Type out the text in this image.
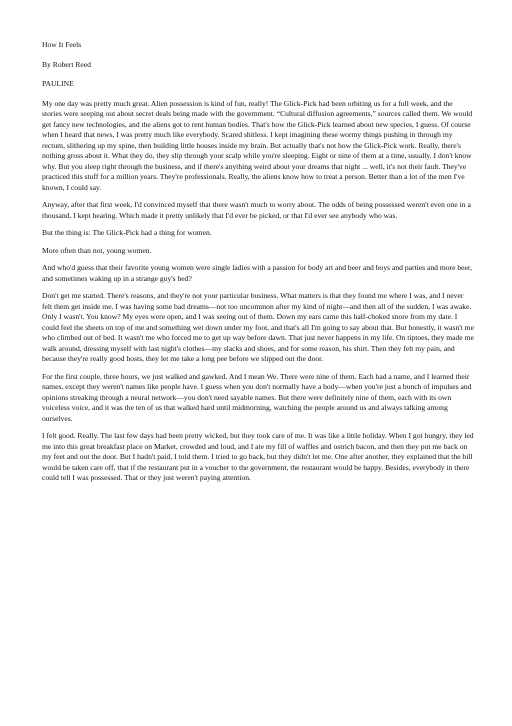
How It Feels

By Robert Reed

PAULINE

My one day was pretty much great. Alien possession is kind of fun, really! The Glick-Pick had been orbiting us for a full week, and the stories were seeping out about secret deals being made with the government. “Cultural diffusion agreements,” sources called them. We would get fancy new technologies, and the aliens got to rent human bodies. That's how the Glick-Pick learned about new species, I guess. Of course when I heard that news, I was pretty much like everybody. Scared shitless. I kept imagining these wormy things pushing in through my rectum, slithering up my spine, then building little houses inside my brain. But actually that's not how the Glick-Pick work. Really, there's nothing gross about it. What they do, they slip through your scalp while you're sleeping. Eight or nine of them at a time, usually. I don't know why. But you sleep right through the business, and if there's anything weird about your dreams that night ... well, it's not their fault. They've practiced this stuff for a million years. They're professionals. Really, the aliens know how to treat a person. Better than a lot of the men I've known, I could say.

Anyway, after that first week, I'd convinced myself that there wasn't much to worry about. The odds of being possessed weren't even one in a thousand, I kept hearing. Which made it pretty unlikely that I'd ever be picked, or that I'd ever see anybody who was.

But the thing is: The Glick-Pick had a thing for women.

More often than not, young women.

And who'd guess that their favorite young women were single ladies with a passion for body art and beer and boys and parties and more beer, and sometimes waking up in a strange guy's bed?

Don't get me started. There's reasons, and they're not your particular business. What matters is that they found me where I was, and I never felt them get inside me. I was having some bad dreams—not too uncommon after my kind of night—and then all of the sudden, I was awake. Only I wasn't. You know? My eyes were open, and I was seeing out of them. Down my ears came this half-choked snore from my date. I could feel the sheets on top of me and something wet down under my foot, and that's all I'm going to say about that. But honestly, it wasn't me who climbed out of bed. It wasn't me who forced me to get up way before dawn. That just never happens in my life. On tiptoes, they made me walk around, dressing myself with last night's clothes—my slacks and shoes, and for some reason, his shirt. Then they felt my pain, and because they're really good hosts, they let me take a long pee before we slipped out the door.

For the first couple, three hours, we just walked and gawked. And I mean We. There were nine of them. Each had a name, and I learned their names, except they weren't names like people have. I guess when you don't normally have a body—when you're just a bunch of impulses and opinions streaking through a neural network—you don't need sayable names. But there were definitely nine of them, each with its own voiceless voice, and it was the ten of us that walked hard until midmorning, watching the people around us and always talking among ourselves.

I felt good. Really. The last few days had been pretty wicked, but they took care of me. It was like a little holiday. When I got hungry, they led me into this great breakfast place on Market, crowded and loud, and I ate my fill of waffles and ostrich bacon, and then they put me back on my feet and out the door. But I hadn't paid, I told them. I tried to go back, but they didn't let me. One after another, they explained that the bill would be taken care off, that if the restaurant put in a voucher to the government, the restaurant would be happy. Besides, everybody in there could tell I was possessed. That or they just weren't paying attention.
